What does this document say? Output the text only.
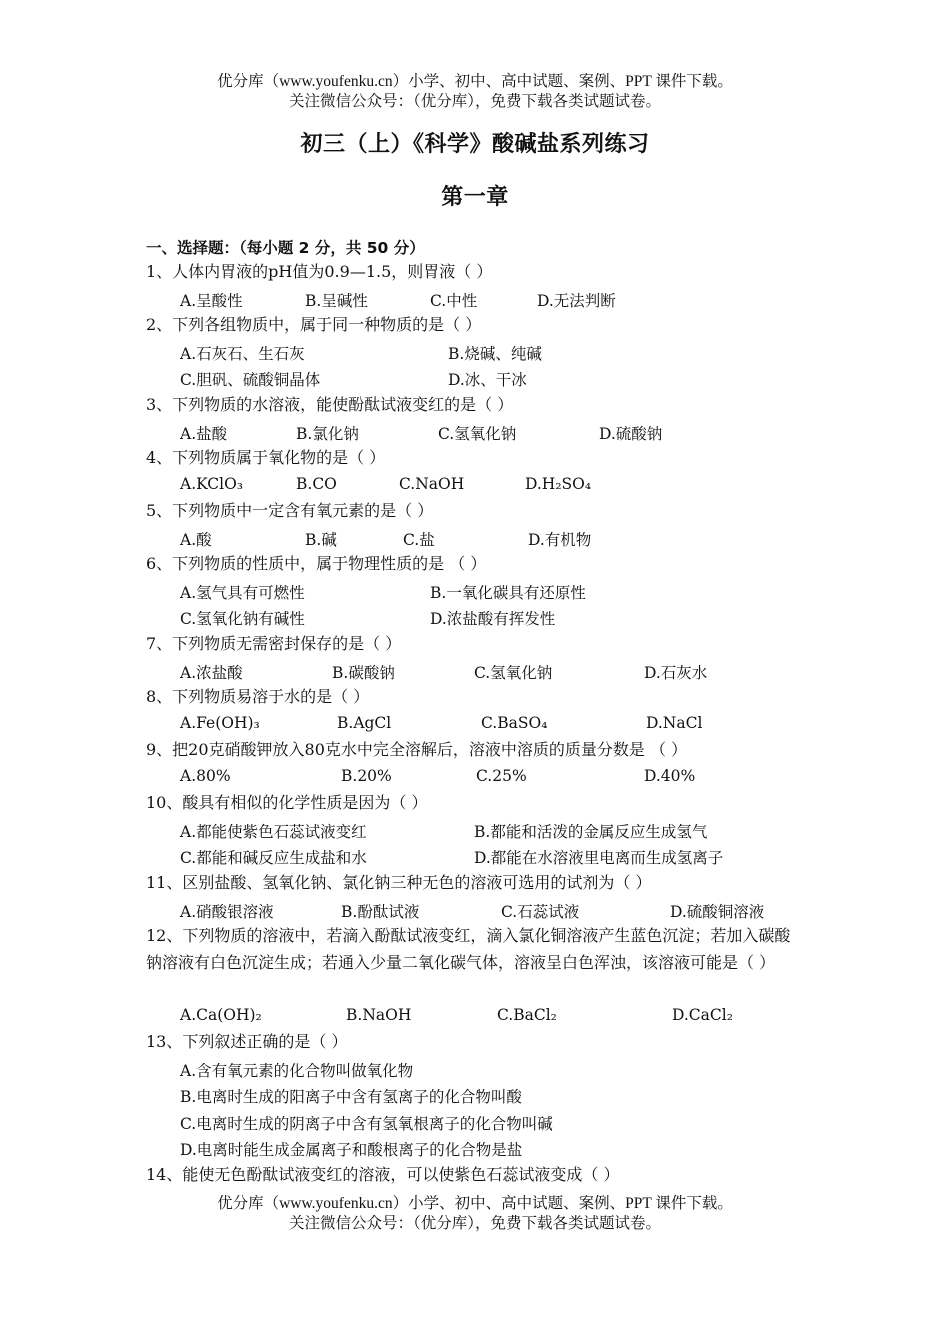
优分库（www.youfenku.cn）小学、初中、高中试题、案例、PPT 课件下载。
关注微信公众号：（优分库），免费下载各类试题试卷。
初三（上）《科学》酸碱盐系列练习
第一章
一、选择题：（每小题 2 分，共 50 分）
1、人体内胃液的pH值为0.9—1.5，则胃液（ ）
A.呈酸性	B.呈碱性	C.中性	D.无法判断
2、下列各组物质中，属于同一种物质的是（ ）
A.石灰石、生石灰	B.烧碱、纯碱
C.胆矾、硫酸铜晶体	D.冰、干冰
3、下列物质的水溶液，能使酚酞试液变红的是（ ）
A.盐酸	B.氯化钠	C.氢氧化钠	D.硫酸钠
4、下列物质属于氧化物的是（ ）
A.KClO₃	B.CO	C.NaOH	D.H₂SO₄
5、下列物质中一定含有氧元素的是（ ）
A.酸	B.碱	C.盐	D.有机物
6、下列物质的性质中，属于物理性质的是 （ ）
A.氢气具有可燃性	B.一氧化碳具有还原性
C.氢氧化钠有碱性	D.浓盐酸有挥发性
7、下列物质无需密封保存的是（ ）
A.浓盐酸	B.碳酸钠	C.氢氧化钠	D.石灰水
8、下列物质易溶于水的是（ ）
A.Fe(OH)₃	B.AgCl	C.BaSO₄	D.NaCl
9、把20克硝酸钾放入80克水中完全溶解后，溶液中溶质的质量分数是 （ ）
A.80%	B.20%	C.25%	D.40%
10、酸具有相似的化学性质是因为（ ）
A.都能使紫色石蕊试液变红	B.都能和活泼的金属反应生成氢气
C.都能和碱反应生成盐和水	D.都能在水溶液里电离而生成氢离子
11、区别盐酸、氢氧化钠、氯化钠三种无色的溶液可选用的试剂为（ ）
A.硝酸银溶液	B.酚酞试液	C.石蕊试液	D.硫酸铜溶液
12、下列物质的溶液中，若滴入酚酞试液变红，滴入氯化铜溶液产生蓝色沉淀；若加入碳酸钠溶液有白色沉淀生成；若通入少量二氧化碳气体，溶液呈白色浑浊，该溶液可能是（ ）
A.Ca(OH)₂	B.NaOH	C.BaCl₂	D.CaCl₂
13、下列叙述正确的是（ ）
A.含有氧元素的化合物叫做氧化物
B.电离时生成的阳离子中含有氢离子的化合物叫酸
C.电离时生成的阴离子中含有氢氧根离子的化合物叫碱
D.电离时能生成金属离子和酸根离子的化合物是盐
14、能使无色酚酞试液变红的溶液，可以使紫色石蕊试液变成（ ）
优分库（www.youfenku.cn）小学、初中、高中试题、案例、PPT 课件下载。
关注微信公众号：（优分库），免费下载各类试题试卷。
